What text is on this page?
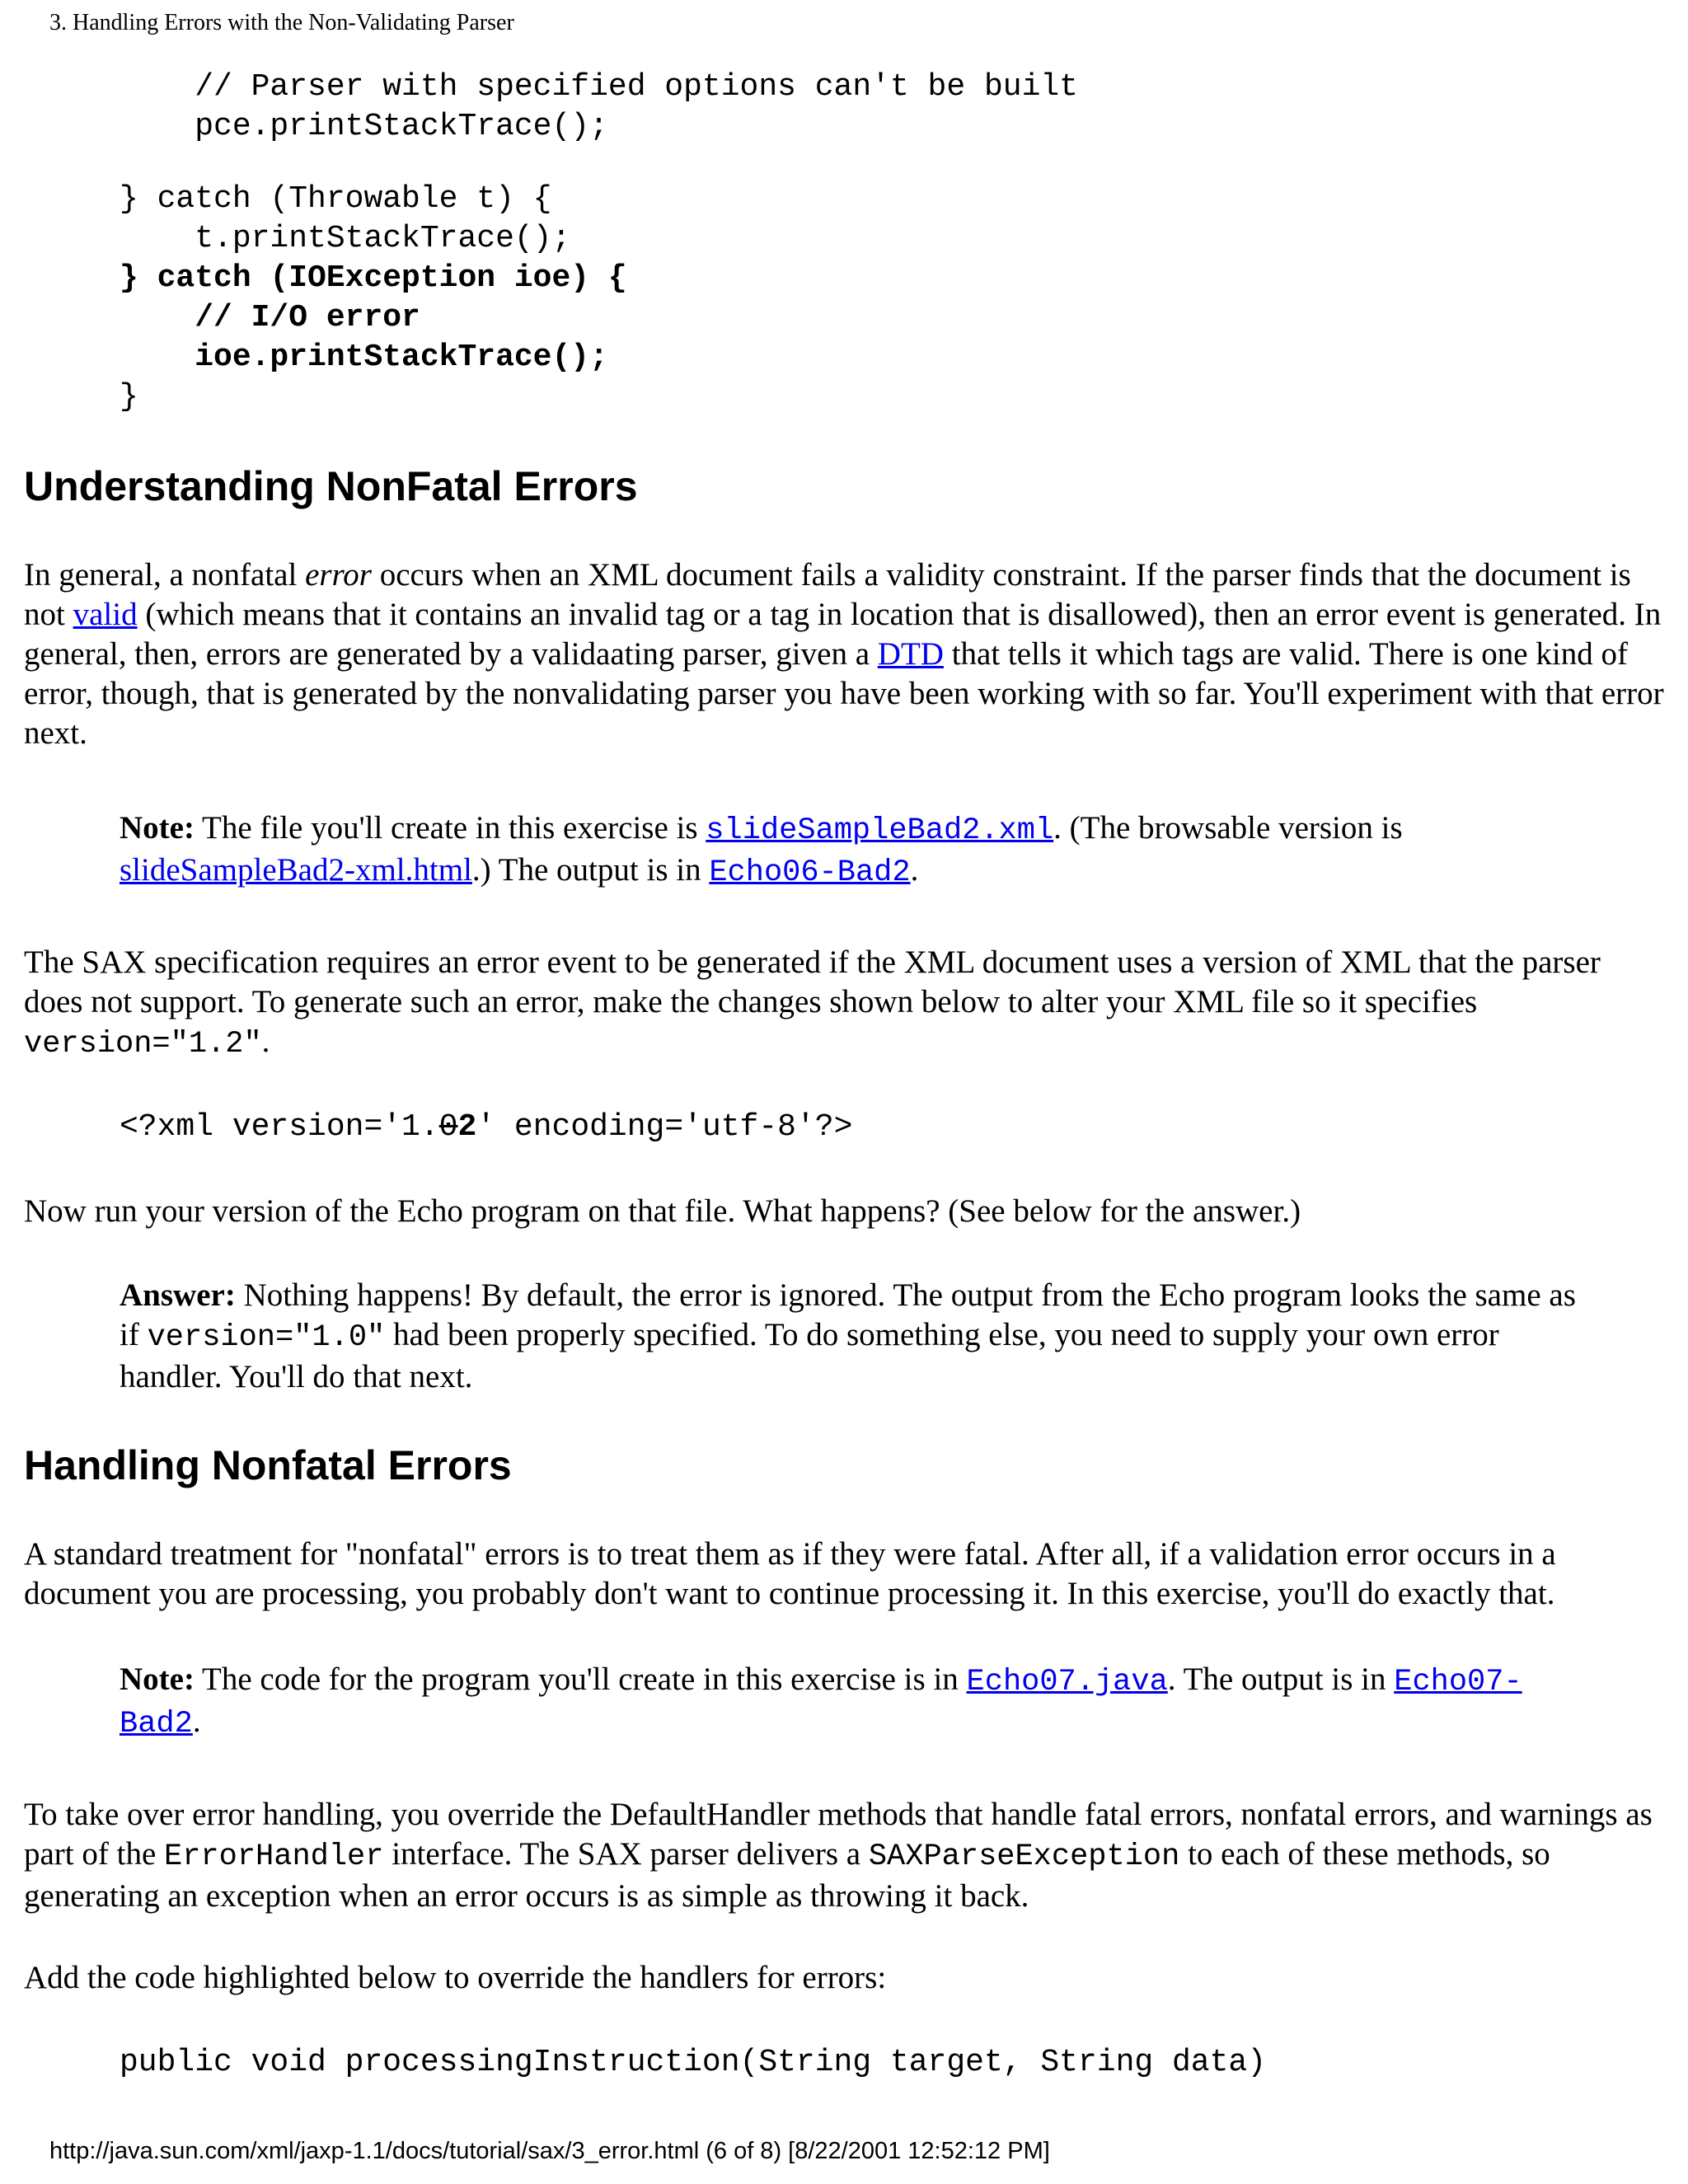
3. Handling Errors with the Non-Validating Parser
// Parser with specified options can't be built
pce.printStackTrace();
} catch (Throwable t) {
t.printStackTrace();
} catch (IOException ioe) {
// I/O error
ioe.printStackTrace();
}
Understanding NonFatal Errors

In general, a nonfatal error occurs when an XML document fails a validity constraint. If the parser finds that the document is not valid (which means that it contains an invalid tag or a tag in location that is disallowed), then an error event is generated. In general, then, errors are generated by a validaating parser, given a DTD that tells it which tags are valid. There is one kind of error, though, that is generated by the nonvalidating parser you have been working with so far. You'll experiment with that error next.

Note: The file you'll create in this exercise is slideSampleBad2.xml. (The browsable version is slideSampleBad2-xml.html.) The output is in Echo06-Bad2.

The SAX specification requires an error event to be generated if the XML document uses a version of XML that the parser does not support. To generate such an error, make the changes shown below to alter your XML file so it specifies version="1.2".

<?xml version='1.02' encoding='utf-8'?>

Now run your version of the Echo program on that file. What happens? (See below for the answer.)

Answer: Nothing happens! By default, the error is ignored. The output from the Echo program looks the same as if version="1.0" had been properly specified. To do something else, you need to supply your own error handler. You'll do that next.

Handling Nonfatal Errors

A standard treatment for "nonfatal" errors is to treat them as if they were fatal. After all, if a validation error occurs in a document you are processing, you probably don't want to continue processing it. In this exercise, you'll do exactly that.

Note: The code for the program you'll create in this exercise is in Echo07.java. The output is in Echo07-Bad2.

To take over error handling, you override the DefaultHandler methods that handle fatal errors, nonfatal errors, and warnings as part of the ErrorHandler interface. The SAX parser delivers a SAXParseException to each of these methods, so generating an exception when an error occurs is as simple as throwing it back.

Add the code highlighted below to override the handlers for errors:

public void processingInstruction(String target, String data)
http://java.sun.com/xml/jaxp-1.1/docs/tutorial/sax/3_error.html (6 of 8) [8/22/2001 12:52:12 PM]
